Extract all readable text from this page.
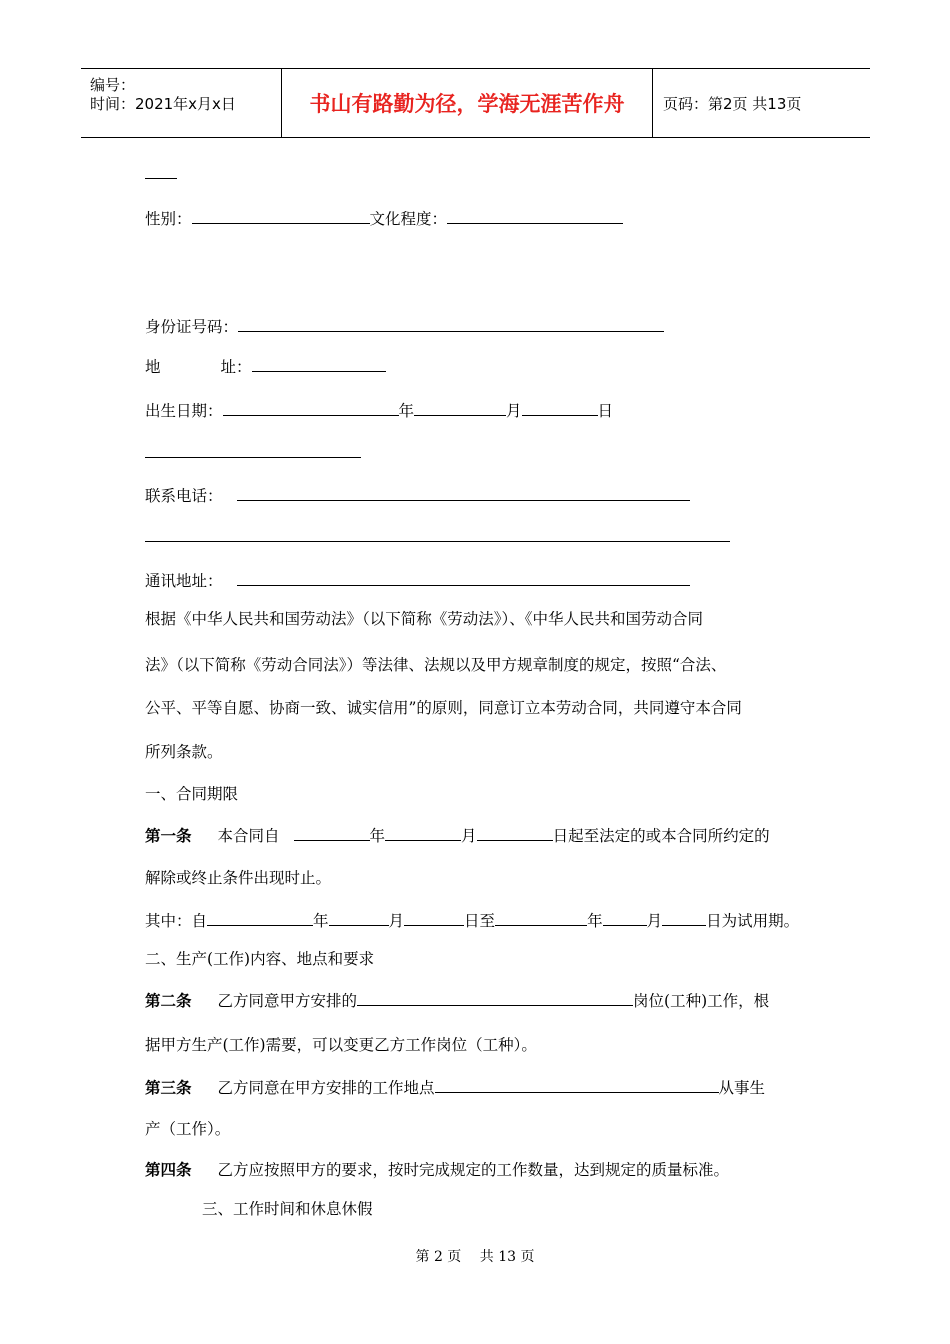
编号：
时间：2021年x月x日	书山有路勤为径，学海无涯苦作舟	页码：第2页 共13页
性别：	文化程度：
身份证号码：
地	址：
出生日期：	年	月	日
联系电话：
通讯地址：
根据《中华人民共和国劳动法》（以下简称《劳动法》）、《中华人民共和国劳动合同
法》（以下简称《劳动合同法》）等法律、法规以及甲方规章制度的规定，按照“合法、
公平、平等自愿、协商一致、诚实信用”的原则，同意订立本劳动合同，共同遵守本合同
所列条款。
一、合同期限
第一条 本合同自	年	月	日起至法定的或本合同所约定的
解除或终止条件出现时止。
其中：自	年	月	日至	年	月	日为试用期。
二、生产(工作)内容、地点和要求
第二条 乙方同意甲方安排的	岗位(工种)工作，根
据甲方生产(工作)需要，可以变更乙方工作岗位（工种）。
第三条 乙方同意在甲方安排的工作地点	从事生
产（工作）。
第四条 乙方应按照甲方的要求，按时完成规定的工作数量，达到规定的质量标准。
三、工作时间和休息休假
第 2 页 共 13 页
